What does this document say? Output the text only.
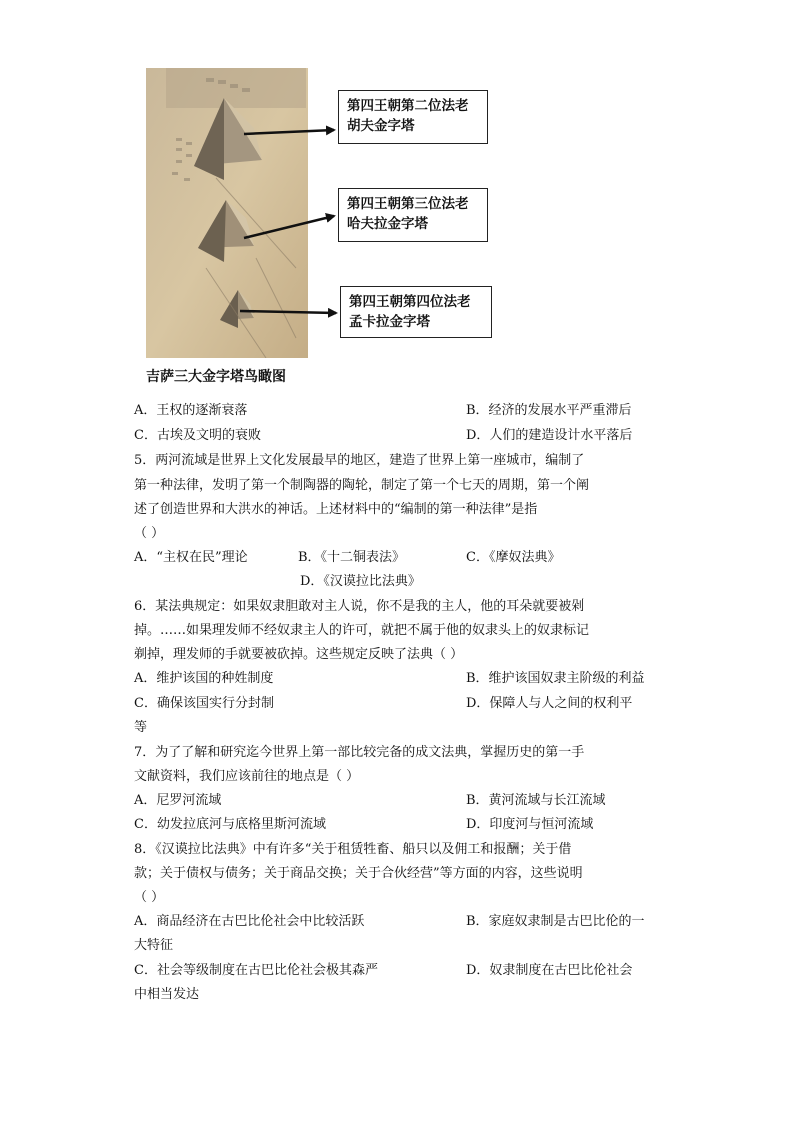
第四王朝第二位法老
胡夫金字塔
第四王朝第三位法老
哈夫拉金字塔
第四王朝第四位法老
孟卡拉金字塔
吉萨三大金字塔鸟瞰图
A．王权的逐渐衰落	B．经济的发展水平严重滞后
C．古埃及文明的衰败	D．人们的建造设计水平落后
5．两河流域是世界上文化发展最早的地区，建造了世界上第一座城市，编制了
第一种法律，发明了第一个制陶器的陶轮，制定了第一个七天的周期，第一个阐
述了创造世界和大洪水的神话。上述材料中的“编制的第一种法律”是指
（ ）
A．“主权在民”理论	B．《十二铜表法》	C．《摩奴法典》
D．《汉谟拉比法典》
6．某法典规定：如果奴隶胆敢对主人说，你不是我的主人，他的耳朵就要被剁
掉。……如果理发师不经奴隶主人的许可，就把不属于他的奴隶头上的奴隶标记
剃掉，理发师的手就要被砍掉。这些规定反映了法典（ ）
A．维护该国的种姓制度	B．维护该国奴隶主阶级的利益
C．确保该国实行分封制	D．保障人与人之间的权利平
等
7．为了了解和研究迄今世界上第一部比较完备的成文法典，掌握历史的第一手
文献资料，我们应该前往的地点是（ ）
A．尼罗河流域	B．黄河流域与长江流域
C．幼发拉底河与底格里斯河流域	D．印度河与恒河流域
8．《汉谟拉比法典》中有许多“关于租赁牲畜、船只以及佣工和报酬；关于借
款；关于债权与债务；关于商品交换；关于合伙经营”等方面的内容，这些说明
（ ）
A．商品经济在古巴比伦社会中比较活跃	B．家庭奴隶制是古巴比伦的一
大特征
C．社会等级制度在古巴比伦社会极其森严	D．奴隶制度在古巴比伦社会
中相当发达
